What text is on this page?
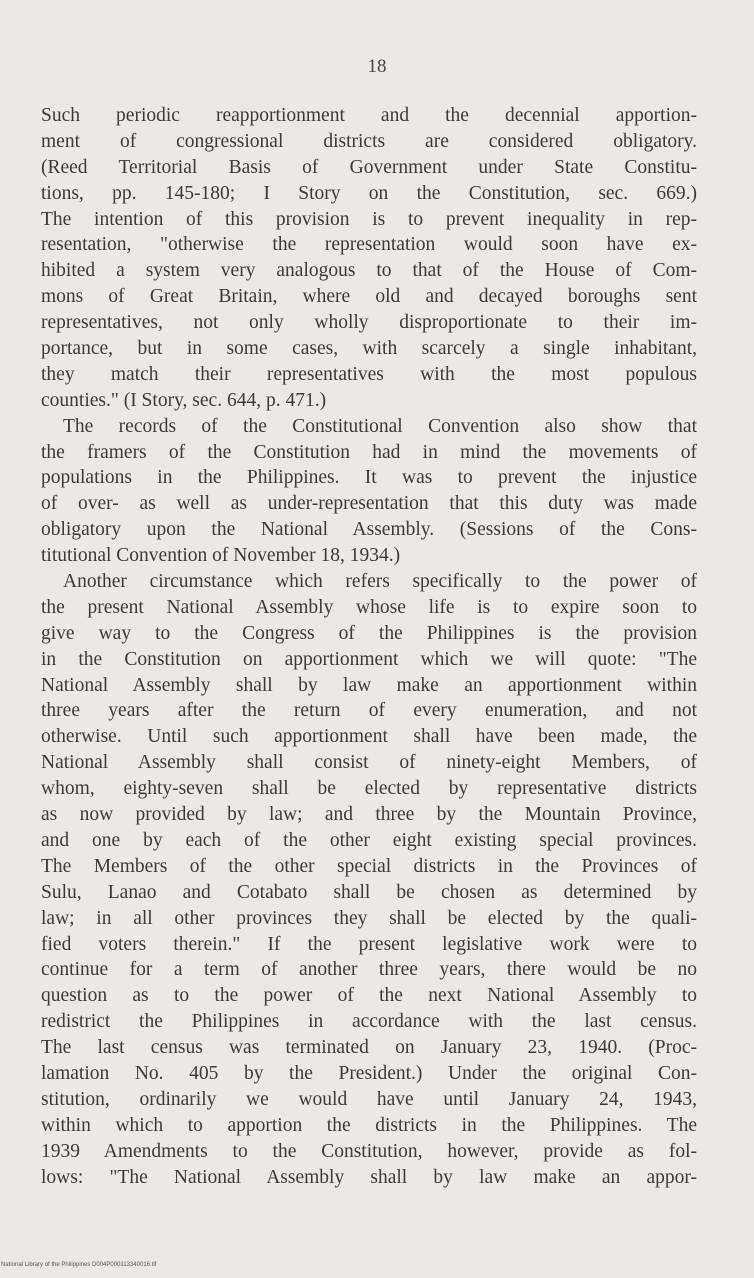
18
Such periodic reapportionment and the decennial apportion-
ment of congressional districts are considered obligatory.
(Reed Territorial Basis of Government under State Constitu-
tions, pp. 145-180; I Story on the Constitution, sec. 669.)
The intention of this provision is to prevent inequality in rep-
resentation, "otherwise the representation would soon have ex-
hibited a system very analogous to that of the House of Com-
mons of Great Britain, where old and decayed boroughs sent
representatives, not only wholly disproportionate to their im-
portance, but in some cases, with scarcely a single inhabitant,
they match their representatives with the most populous
counties." (I Story, sec. 644, p. 471.)
The records of the Constitutional Convention also show that
the framers of the Constitution had in mind the movements of
populations in the Philippines. It was to prevent the injustice
of over- as well as under-representation that this duty was made
obligatory upon the National Assembly. (Sessions of the Cons-
titutional Convention of November 18, 1934.)
Another circumstance which refers specifically to the power of
the present National Assembly whose life is to expire soon to
give way to the Congress of the Philippines is the provision
in the Constitution on apportionment which we will quote: "The
National Assembly shall by law make an apportionment within
three years after the return of every enumeration, and not
otherwise. Until such apportionment shall have been made, the
National Assembly shall consist of ninety-eight Members, of
whom, eighty-seven shall be elected by representative districts
as now provided by law; and three by the Mountain Province,
and one by each of the other eight existing special provinces.
The Members of the other special districts in the Provinces of
Sulu, Lanao and Cotabato shall be chosen as determined by
law; in all other provinces they shall be elected by the quali-
fied voters therein." If the present legislative work were to
continue for a term of another three years, there would be no
question as to the power of the next National Assembly to
redistrict the Philippines in accordance with the last census.
The last census was terminated on January 23, 1940. (Proc-
lamation No. 405 by the President.) Under the original Con-
stitution, ordinarily we would have until January 24, 1943,
within which to apportion the districts in the Philippines. The
1939 Amendments to the Constitution, however, provide as fol-
lows: "The National Assembly shall by law make an appor-
National Library of the Philippines D004P000113340016.tif
